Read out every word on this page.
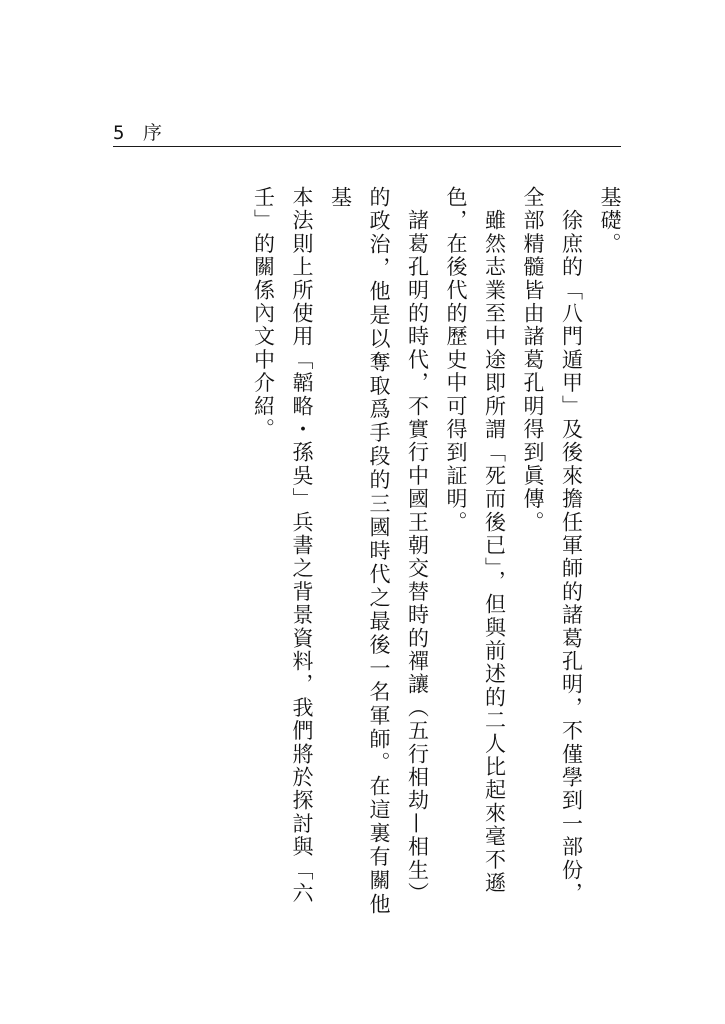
5 序
基礎。
　徐庶的「八門遁甲」及後來擔任軍師的諸葛孔明，不僅學到一部份，
全部精髓皆由諸葛孔明得到眞傳。
　雖然志業至中途即所謂「死而後已」，但與前述的二人比起來毫不遜
色，在後代的歷史中可得到証明。
　諸葛孔明的時代，不實行中國王朝交替時的禪讓（五行相劫—相生）
的政治，他是以奪取爲手段的三國時代之最後一名軍師。在這裏有關他基
本法則上所使用「韜略・孫吳」兵書之背景資料，我們將於探討與「六
壬」的關係內文中介紹。
